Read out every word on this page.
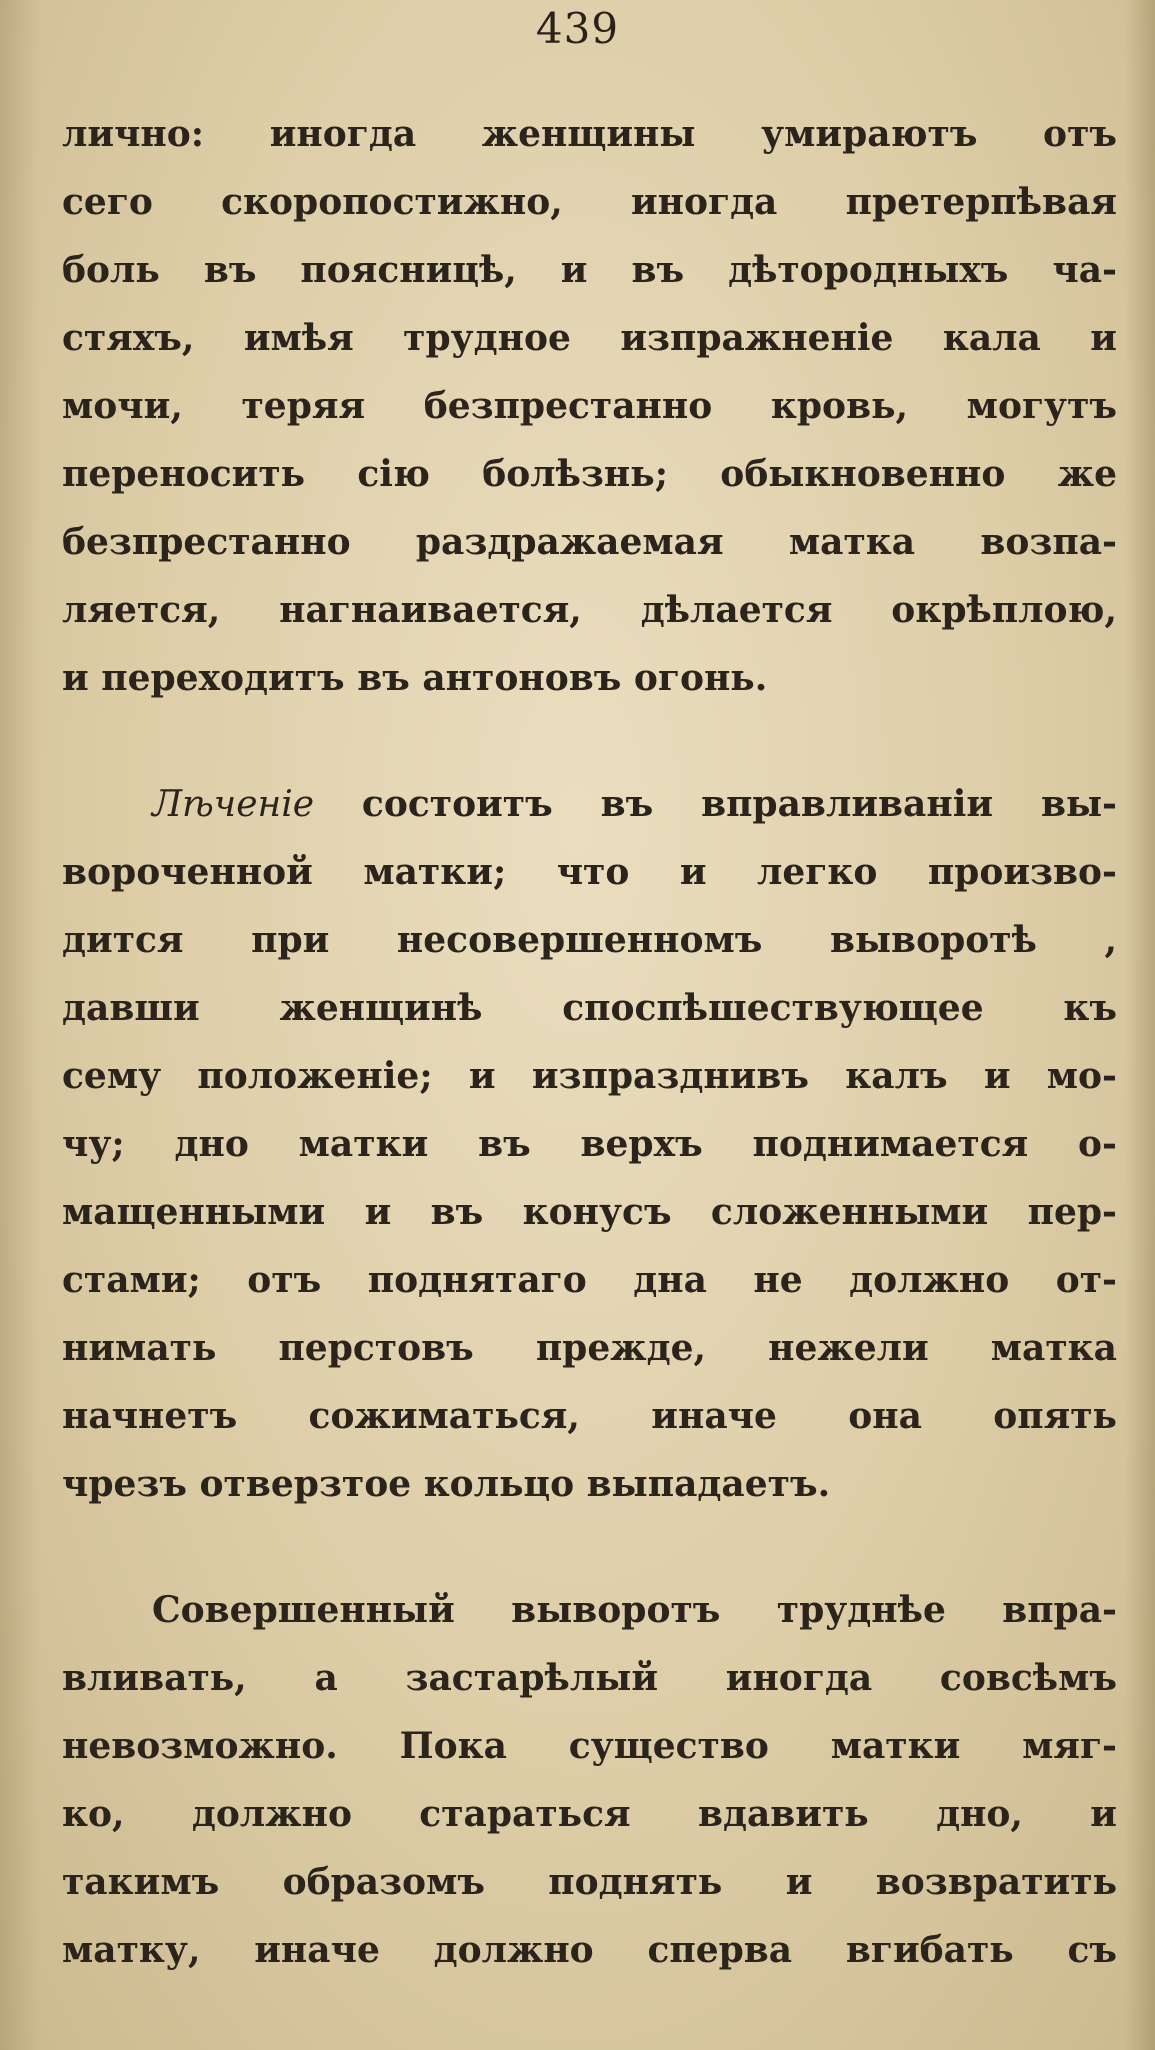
439
лично: иногда женщины умираютъ отъ
сего скоропостижно, иногда претерпѣвая
боль въ поясницѣ, и въ дѣтородныхъ ча-
стяхъ, имѣя трудное изпражненіе кала и
мочи, теряя безпрестанно кровь, могутъ
переносить сію болѣзнь; обыкновенно же
безпрестанно раздражаемая матка возпа-
ляется, нагнаивается, дѣлается окрѣплою,
и переходитъ въ антоновъ огонь.
Лѣченіе состоитъ въ вправливаніи вы-
вороченной матки; что и легко произво-
дится при несовершенномъ выворотѣ ,
давши женщинѣ споспѣшествующее къ
сему положеніе; и изпразднивъ калъ и мо-
чу; дно матки въ верхъ поднимается о-
мащенными и въ конусъ сложенными пер-
стами; отъ поднятаго дна не должно от-
нимать перстовъ прежде, нежели матка
начнетъ сожиматься, иначе она опять
чрезъ отверзтое кольцо выпадаетъ.
Совершенный выворотъ труднѣе впра-
вливать, а застарѣлый иногда совсѣмъ
невозможно. Пока существо матки мяг-
ко, должно стараться вдавить дно, и
такимъ образомъ поднять и возвратить
матку, иначе должно сперва вгибать съ
